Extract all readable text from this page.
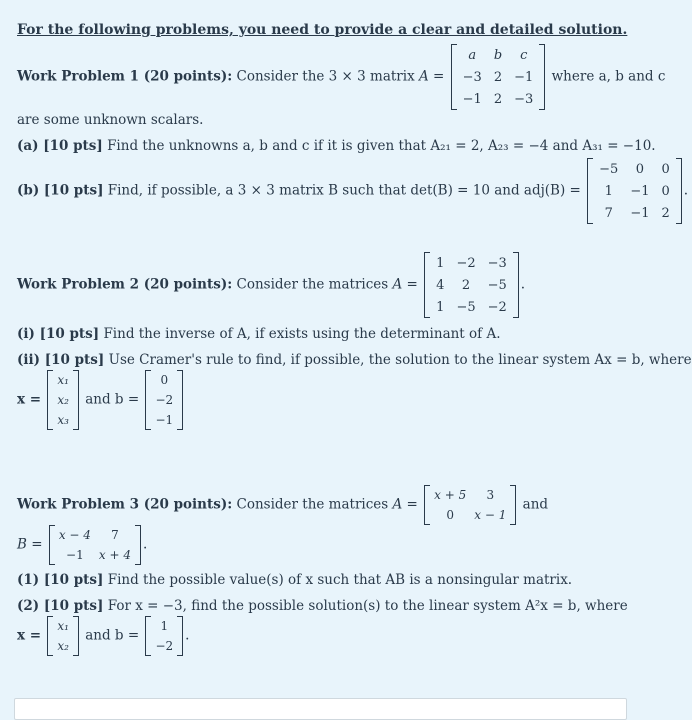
For the following problems, you need to provide a clear and detailed solution.
Work Problem 1 (20 points): Consider the 3 × 3 matrix A =
a	b	c
−3	2	−1
−1	2	−3
where a, b and c
are some unknown scalars.
(a) [10 pts] Find the unknowns a, b and c if it is given that A₂₁ = 2, A₂₃ = −4 and A₃₁ = −10.
(b) [10 pts] Find, if possible, a 3 × 3 matrix B such that det(B) = 10 and adj(B) =
−5	0	0
1	−1	0
7	−1	2
.
Work Problem 2 (20 points): Consider the matrices A =
1	−2	−3
4	2	−5
1	−5	−2
.
(i) [10 pts] Find the inverse of A, if exists using the determinant of A.
(ii) [10 pts] Use Cramer's rule to find, if possible, the solution to the linear system Ax = b, where
x =
x₁
x₂
x₃
and b =
0
−2
−1
Work Problem 3 (20 points): Consider the matrices A =
x + 5	3
0	x − 1
and
B =
x − 4	7
−1	x + 4
.
(1) [10 pts] Find the possible value(s) of x such that AB is a nonsingular matrix.
(2) [10 pts] For x = −3, find the possible solution(s) to the linear system A²x = b, where
x =
x₁
x₂
and b =
1
−2
.
